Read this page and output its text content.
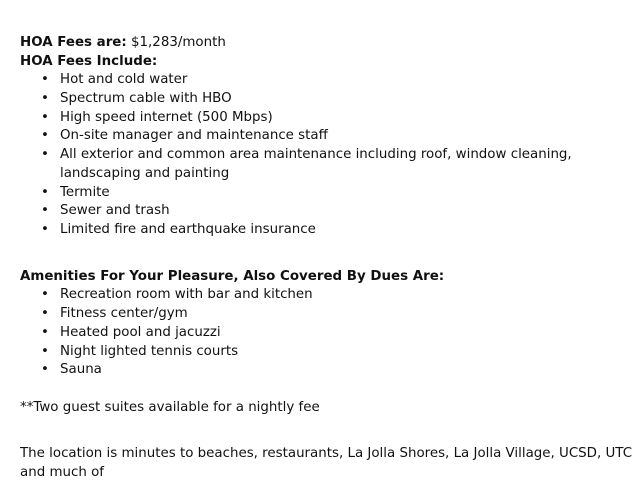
HOA Fees are: $1,283/month
HOA Fees Include:
• Hot and cold water
• Spectrum cable with HBO
• High speed internet (500 Mbps)
• On-site manager and maintenance staff
• All exterior and common area maintenance including roof, window cleaning, landscaping and painting
• Termite
• Sewer and trash
• Limited fire and earthquake insurance
Amenities For Your Pleasure, Also Covered By Dues Are:
• Recreation room with bar and kitchen
• Fitness center/gym
• Heated pool and jacuzzi
• Night lighted tennis courts
• Sauna
**Two guest suites available for a nightly fee
The location is minutes to beaches, restaurants, La Jolla Shores, La Jolla Village, UCSD, UTC and much of
